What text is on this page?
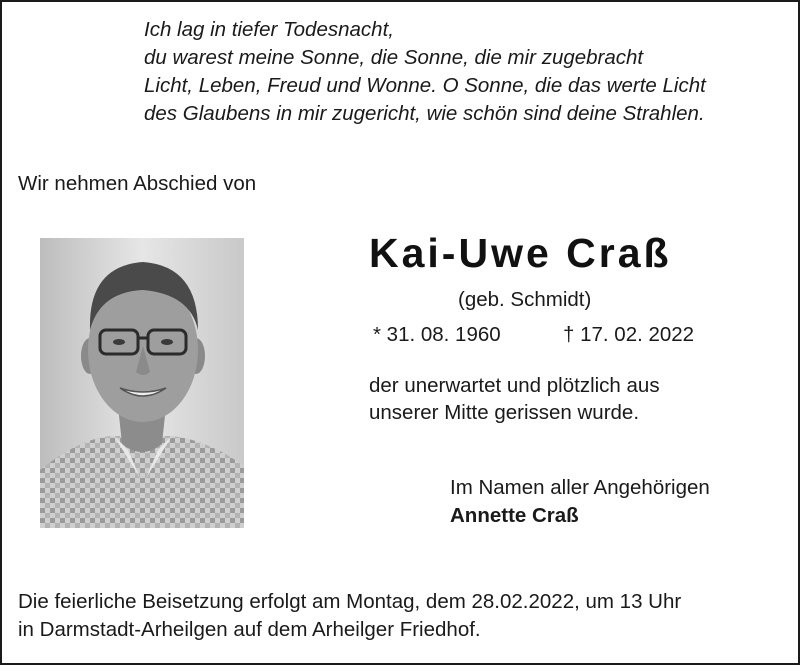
Ich lag in tiefer Todesnacht,
du warest meine Sonne, die Sonne, die mir zugebracht
Licht, Leben, Freud und Wonne. O Sonne, die das werte Licht
des Glaubens in mir zugericht, wie schön sind deine Strahlen.
Wir nehmen Abschied von
Kai-Uwe Craß
(geb. Schmidt)
* 31. 08. 1960	† 17. 02. 2022
der unerwartet und plötzlich aus
unserer Mitte gerissen wurde.
Im Namen aller Angehörigen
Annette Craß
Die feierliche Beisetzung erfolgt am Montag, dem 28.02.2022, um 13 Uhr
in Darmstadt-Arheilgen auf dem Arheilger Friedhof.
